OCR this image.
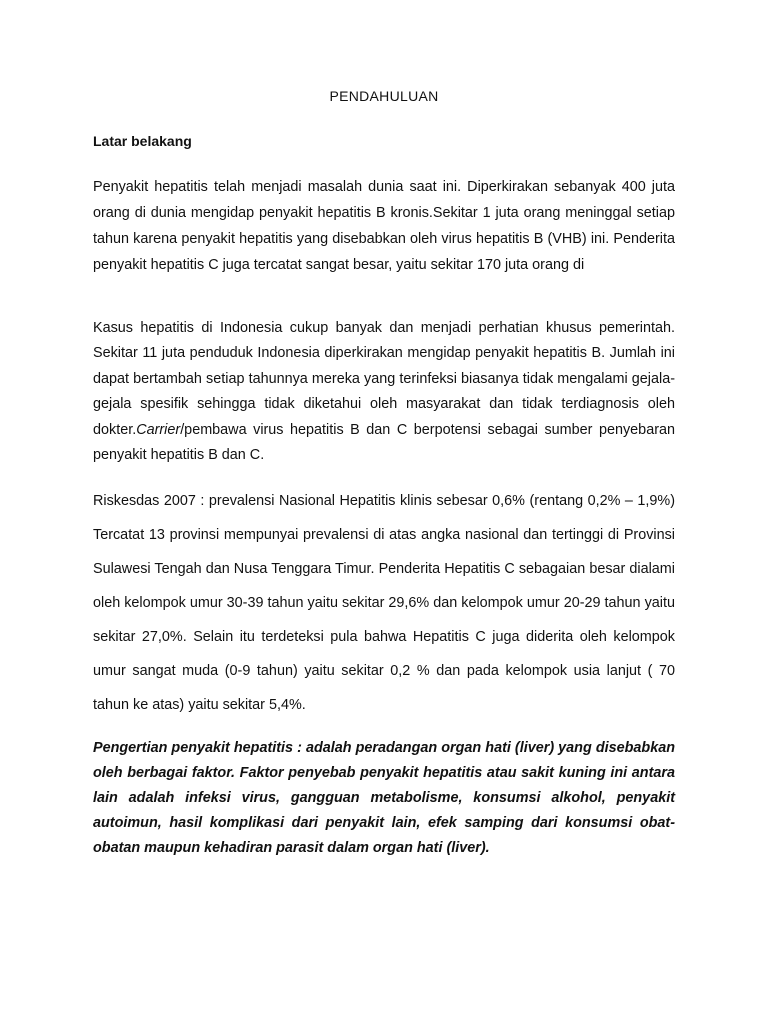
PENDAHULUAN
Latar belakang

Penyakit hepatitis telah menjadi masalah dunia saat ini. Diperkirakan sebanyak 400 juta orang di dunia mengidap penyakit hepatitis B kronis.Sekitar 1 juta orang meninggal setiap tahun karena penyakit hepatitis yang disebabkan oleh virus hepatitis B (VHB) ini. Penderita penyakit hepatitis C juga tercatat sangat besar, yaitu sekitar 170 juta orang di

Kasus hepatitis di Indonesia cukup banyak dan menjadi perhatian khusus pemerintah. Sekitar 11 juta penduduk Indonesia diperkirakan mengidap penyakit hepatitis B. Jumlah ini dapat bertambah setiap tahunnya mereka yang terinfeksi biasanya tidak mengalami gejala-gejala spesifik sehingga tidak diketahui oleh masyarakat dan tidak terdiagnosis oleh dokter.Carrier/pembawa virus hepatitis B dan C berpotensi sebagai sumber penyebaran penyakit hepatitis B dan C.

Riskesdas 2007 : prevalensi Nasional Hepatitis klinis sebesar 0,6% (rentang 0,2% – 1,9%) Tercatat 13 provinsi mempunyai prevalensi di atas angka nasional dan tertinggi di Provinsi Sulawesi Tengah dan Nusa Tenggara Timur. Penderita Hepatitis C sebagaian besar dialami oleh kelompok umur 30-39 tahun yaitu sekitar 29,6% dan kelompok umur 20-29 tahun yaitu sekitar 27,0%. Selain itu terdeteksi pula bahwa Hepatitis C juga diderita oleh kelompok umur sangat muda (0-9 tahun) yaitu sekitar 0,2 % dan pada kelompok usia lanjut ( 70 tahun ke atas) yaitu sekitar 5,4%.

Pengertian penyakit hepatitis : adalah peradangan organ hati (liver) yang disebabkan oleh berbagai faktor. Faktor penyebab penyakit hepatitis atau sakit kuning ini antara lain adalah infeksi virus, gangguan metabolisme, konsumsi alkohol, penyakit autoimun, hasil komplikasi dari penyakit lain, efek samping dari konsumsi obat-obatan maupun kehadiran parasit dalam organ hati (liver).
